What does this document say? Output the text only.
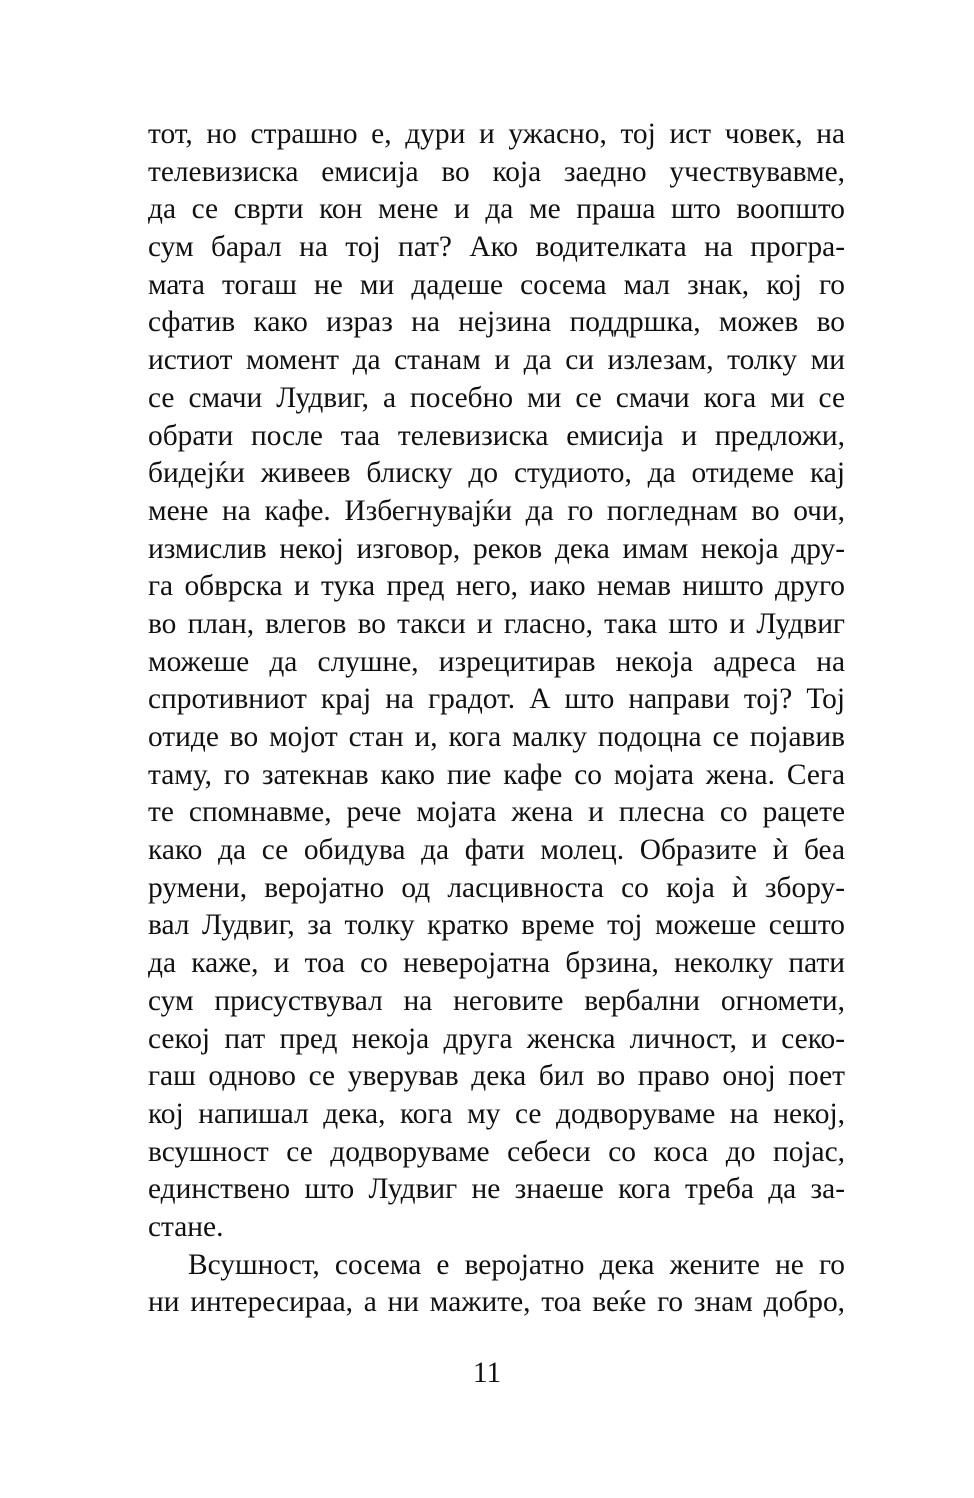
тот, но страшно е, дури и ужасно, тој ист човек, на
телевизиска емисија во која заедно учествувавме,
да се сврти кон мене и да ме праша што воопшто
сум барал на тој пат? Ако водителката на програ-
мата тогаш не ми дадеше сосема мал знак, кој го
сфатив како израз на нејзина поддршка, можев во
истиот момент да станам и да си излезам, толку ми
се смачи Лудвиг, а посебно ми се смачи кога ми се
обрати после таа телевизиска емисија и предложи,
бидејќи живеев блиску до студиото, да отидеме кај
мене на кафе. Избегнувајќи да го погледнам во очи,
измислив некој изговор, реков дека имам некоја дру-
га обврска и тука пред него, иако немав ништо друго
во план, влегов во такси и гласно, така што и Лудвиг
можеше да слушне, изрецитирав некоја адреса на
спротивниот крај на градот. А што направи тој? Тој
отиде во мојот стан и, кога малку подоцна се појавив
таму, го затекнав како пие кафе со мојата жена. Сега
те спомнавме, рече мојата жена и плесна со рацете
како да се обидува да фати молец. Образите ѝ беа
румени, веројатно од ласцивноста со која ѝ збору-
вал Лудвиг, за толку кратко време тој можеше сешто
да каже, и тоа со неверојатна брзина, неколку пати
сум присуствувал на неговите вербални огномети,
секој пат пред некоја друга женска личност, и секо-
гаш одново се уверував дека бил во право оној поет
кој напишал дека, кога му се додворуваме на некој,
всушност се додворуваме себеси со коса до појас,
единствено што Лудвиг не знаеше кога треба да за-
стане.
Всушност, сосема е веројатно дека жените не го
ни интересираа, а ни мажите, тоа веќе го знам добро,
11
